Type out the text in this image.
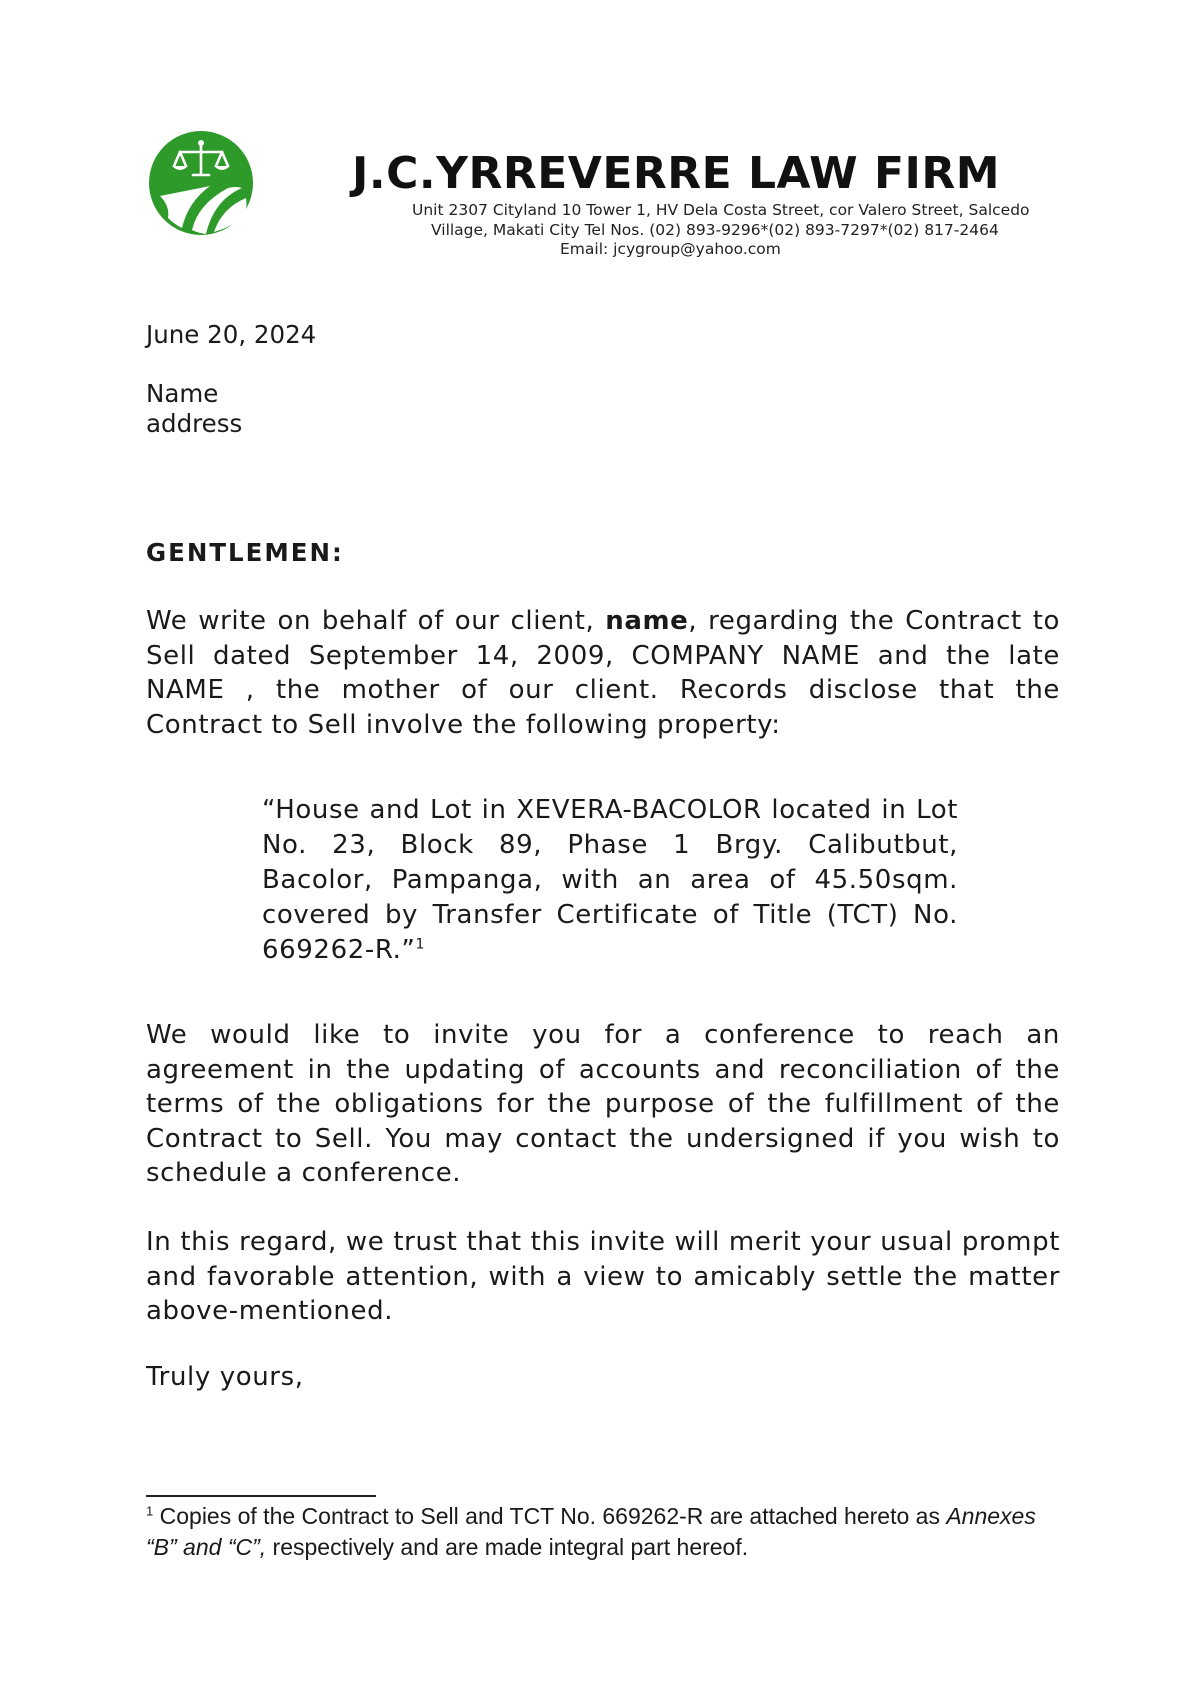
J.C.YRREVERRE LAW FIRM
Unit 2307 Cityland 10 Tower 1, HV Dela Costa Street, cor Valero Street, Salcedo
Village, Makati City Tel Nos. (02) 893-9296*(02) 893-7297*(02) 817-2464
Email: jcygroup@yahoo.com
June 20, 2024
Name
address
GENTLEMEN:
We write on behalf of our client, name, regarding the Contract to Sell dated September 14, 2009, COMPANY NAME and the late NAME , the mother of our client. Records disclose that the Contract to Sell involve the following property:
“House and Lot in XEVERA-BACOLOR located in Lot No. 23, Block 89, Phase 1 Brgy. Calibutbut, Bacolor, Pampanga, with an area of 45.50sqm. covered by Transfer Certificate of Title (TCT) No. 669262-R.”$^1$
We would like to invite you for a conference to reach an agreement in the updating of accounts and reconciliation of the terms of the obligations for the purpose of the fulfillment of the Contract to Sell. You may contact the undersigned if you wish to schedule a conference.
In this regard, we trust that this invite will merit your usual prompt and favorable attention, with a view to amicably settle the matter above-mentioned.
Truly yours,
$^1$ Copies of the Contract to Sell and TCT No. 669262-R are attached hereto as Annexes “B” and “C”, respectively and are made integral part hereof.
